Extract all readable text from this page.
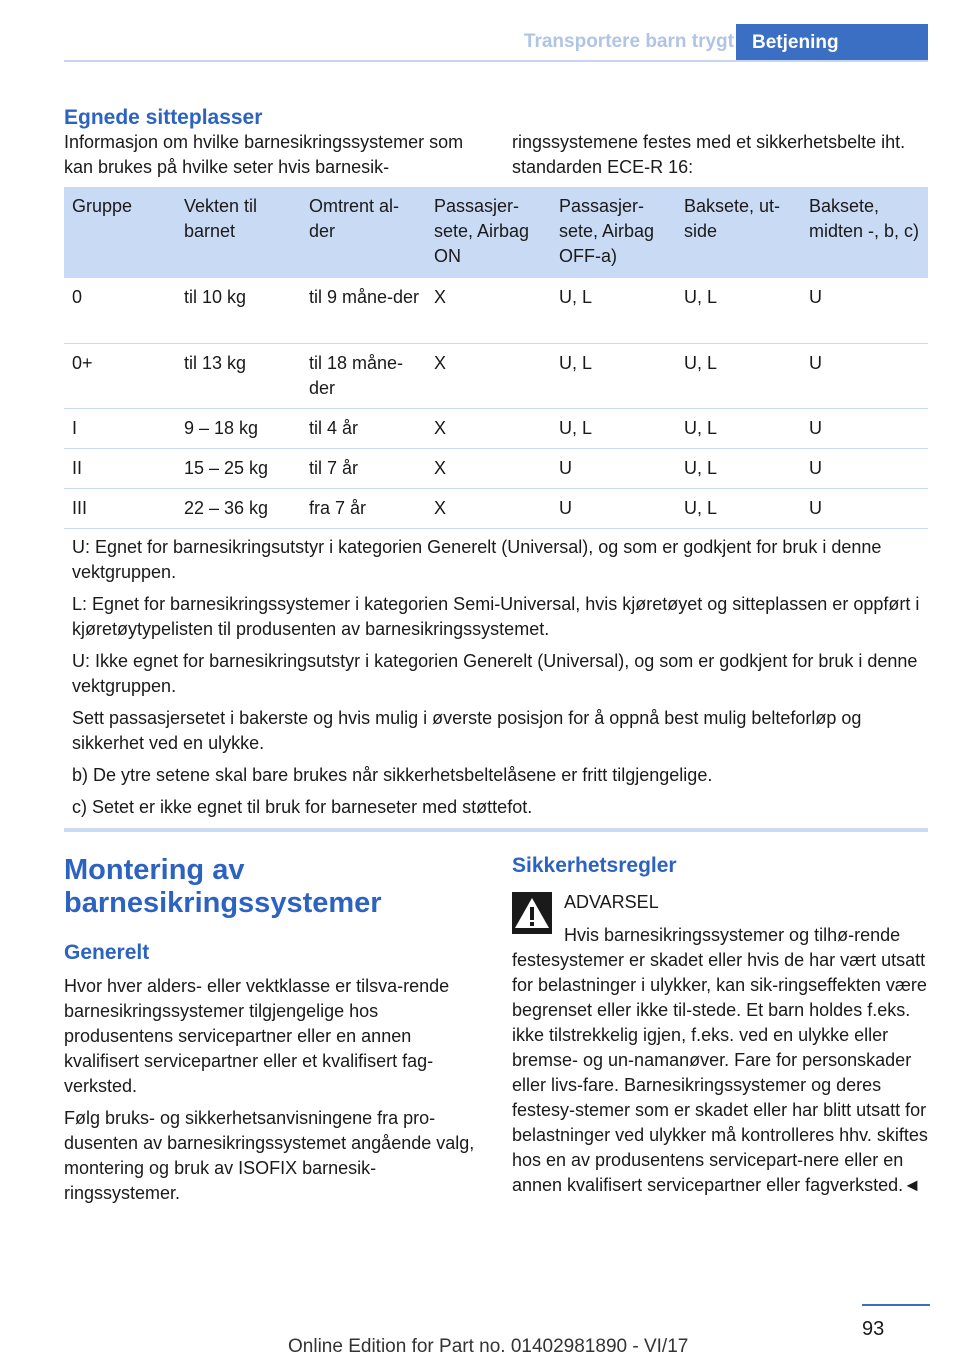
Transportere barn trygt Betjening
Egnede sitteplasser
Informasjon om hvilke barnesikringssystemer som kan brukes på hvilke seter hvis barnesik-
ringssystemene festes med et sikkerhetsbelte iht. standarden ECE-R 16:
Gruppe	Vekten til barnet	Omtrent al-der	Passasjer-sete, Airbag ON	Passasjer-sete, Airbag OFF-a)	Baksete, ut-side	Baksete, midten -, b, c)
0	til 10 kg	til 9 måne-der	X	U, L	U, L	U
0+	til 13 kg	til 18 måne-der	X	U, L	U, L	U
I	9 – 18 kg	til 4 år	X	U, L	U, L	U
II	15 – 25 kg	til 7 år	X	U	U, L	U
III	22 – 36 kg	fra 7 år	X	U	U, L	U

U: Egnet for barnesikringsutstyr i kategorien Generelt (Universal), og som er godkjent for bruk i denne vektgruppen.

L: Egnet for barnesikringssystemer i kategorien Semi-Universal, hvis kjøretøyet og sitteplassen er oppført i kjøretøytypelisten til produsenten av barnesikringssystemet.

U: Ikke egnet for barnesikringsutstyr i kategorien Generelt (Universal), og som er godkjent for bruk i denne vektgruppen.

Sett passasjersetet i bakerste og hvis mulig i øverste posisjon for å oppnå best mulig belteforløp og sikkerhet ved en ulykke.

b) De ytre setene skal bare brukes når sikkerhetsbeltelåsene er fritt tilgjengelige.

c) Setet er ikke egnet til bruk for barneseter med støttefot.

Montering av barnesikringssystemer
Generelt

Hvor hver alders- eller vektklasse er tilsva-rende barnesikringssystemer tilgjengelige hos produsentens servicepartner eller en annen kvalifisert servicepartner eller et kvalifisert fag-verksted.

Følg bruks- og sikkerhetsanvisningene fra pro-dusenten av barnesikringssystemet angående valg, montering og bruk av ISOFIX barnesik-ringssystemer.

Sikkerhetsregler
ADVARSEL
Hvis barnesikringssystemer og tilhø-rende festesystemer er skadet eller hvis de har vært utsatt for belastninger i ulykker, kan sik-ringseffekten være begrenset eller ikke til-stede. Et barn holdes f.eks. ikke tilstrekkelig igjen, f.eks. ved en ulykke eller bremse- og un-namanøver. Fare for personskader eller livs-fare. Barnesikringssystemer og deres festesy-stemer som er skadet eller har blitt utsatt for belastninger ved ulykker må kontrolleres hhv. skiftes hos en av produsentens servicepart-nere eller en annen kvalifisert servicepartner eller fagverksted.◄
93
Online Edition for Part no. 01402981890 - VI/17
